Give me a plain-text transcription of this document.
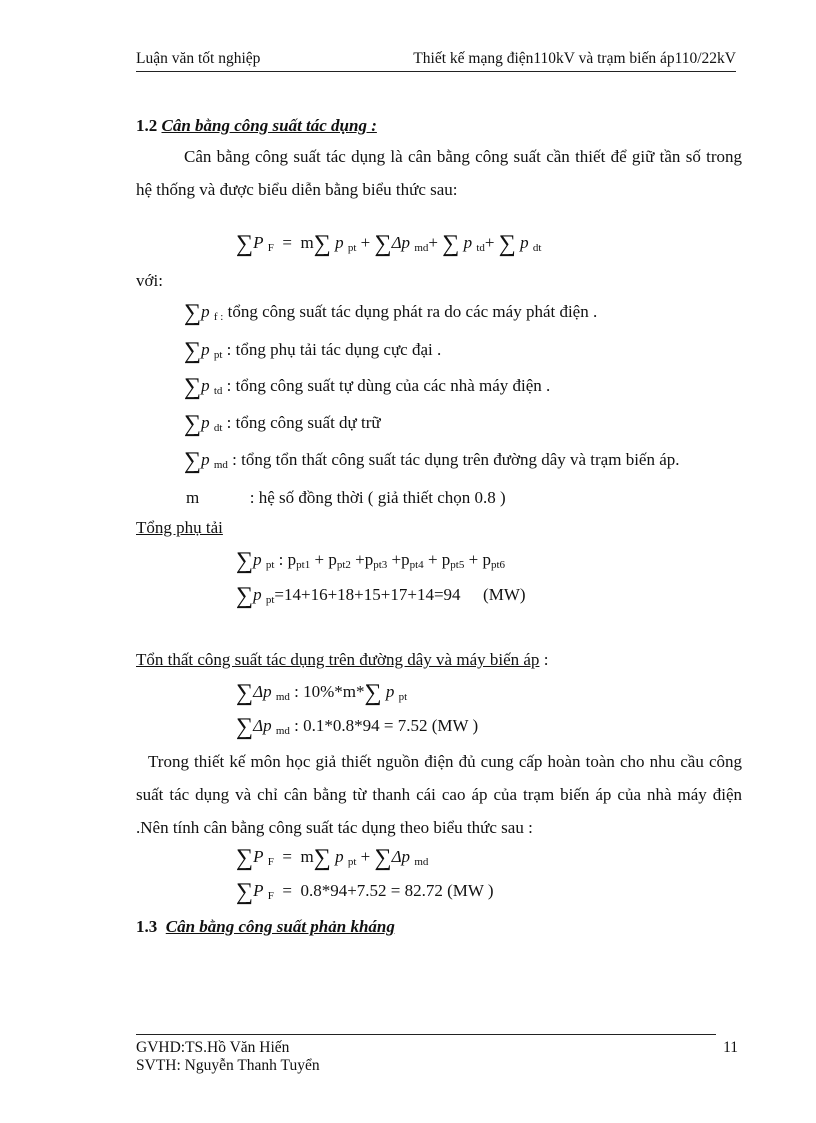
Luận văn tốt nghiệp	Thiết kế mạng điện110kV và trạm biến áp110/22kV
1.2 Cân bằng công suất tác dụng :
Cân bằng công suất tác dụng là cân bằng công suất cần thiết để giữ tần số trong hệ thống và được biểu diễn bằng biểu thức sau:
∑P F = m∑ p pt + ∑Δp md+ ∑ p td+ ∑ p dt
với:
∑p f : tổng công suất tác dụng phát ra do các máy phát điện .
∑p pt : tổng phụ tải tác dụng cực đại .
∑p td : tổng công suất tự dùng của các nhà máy điện .
∑p dt : tổng công suất dự trữ
∑p md : tổng tổn thất công suất tác dụng trên đường dây và trạm biến áp.
m	: hệ số đồng thời ( giả thiết chọn 0.8 )
Tổng phụ tải
∑p pt : ppt1 + ppt2 +ppt3 +ppt4 + ppt5 + ppt6
∑p pt=14+16+18+15+17+14=94 (MW)
Tổn thất công suất tác dụng trên đường dây và máy biến áp :
∑Δp md : 10%*m*∑ p pt
∑Δp md : 0.1*0.8*94 = 7.52 (MW )
Trong thiết kế môn học giả thiết nguồn điện đủ cung cấp hoàn toàn cho nhu cầu công suất tác dụng và chỉ cân bằng từ thanh cái cao áp của trạm biến áp của nhà máy điện .Nên tính cân bằng công suất tác dụng theo biểu thức sau :
∑P F = m∑ p pt + ∑Δp md
∑P F =  0.8*94+7.52 = 82.72 (MW )
1.3 Cân bằng công suất phản kháng
GVHD:TS.Hồ Văn Hiến
SVTH: Nguyễn Thanh Tuyển
11
